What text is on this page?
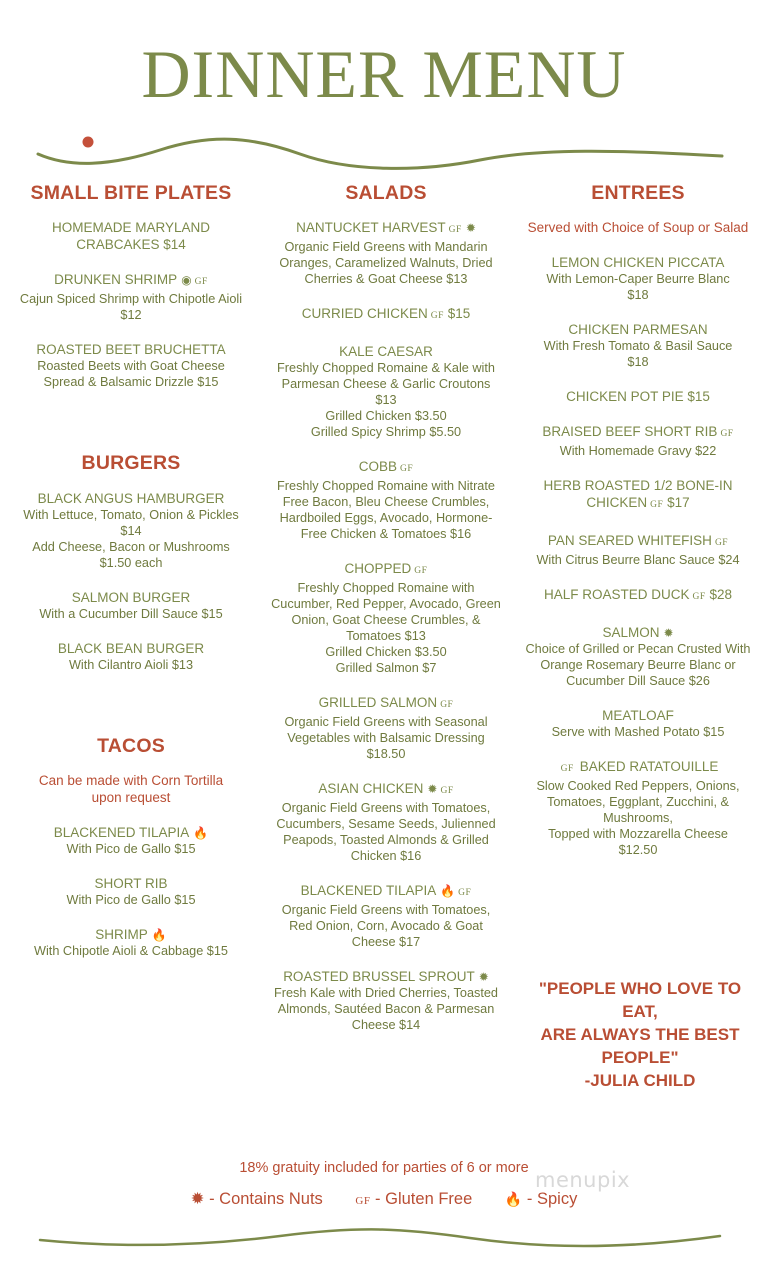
DINNER MENU
SMALL BITE PLATES
HOMEMADE MARYLAND CRABCAKES $14
DRUNKEN SHRIMP ◉ GF
Cajun Spiced Shrimp with Chipotle Aioli $12
ROASTED BEET BRUCHETTA
Roasted Beets with Goat Cheese Spread & Balsamic Drizzle $15
BURGERS
BLACK ANGUS HAMBURGER
With Lettuce, Tomato, Onion & Pickles $14
Add Cheese, Bacon or Mushrooms $1.50 each
SALMON BURGER
With a Cucumber Dill Sauce $15
BLACK BEAN BURGER
With Cilantro Aioli $13
TACOS
Can be made with Corn Tortilla upon request
BLACKENED TILAPIA 🔥
With Pico de Gallo $15
SHORT RIB
With Pico de Gallo $15
SHRIMP 🔥
With Chipotle Aioli & Cabbage $15
SALADS
NANTUCKET HARVEST GF ✹
Organic Field Greens with Mandarin Oranges, Caramelized Walnuts, Dried Cherries & Goat Cheese $13
CURRIED CHICKEN GF $15
KALE CAESAR
Freshly Chopped Romaine & Kale with Parmesan Cheese & Garlic Croutons $13
Grilled Chicken $3.50
Grilled Spicy Shrimp $5.50
COBB GF
Freshly Chopped Romaine with Nitrate Free Bacon, Bleu Cheese Crumbles, Hardboiled Eggs, Avocado, Hormone-Free Chicken & Tomatoes $16
CHOPPED GF
Freshly Chopped Romaine with Cucumber, Red Pepper, Avocado, Green Onion, Goat Cheese Crumbles, & Tomatoes $13
Grilled Chicken $3.50
Grilled Salmon $7
GRILLED SALMON GF
Organic Field Greens with Seasonal Vegetables with Balsamic Dressing
$18.50
ASIAN CHICKEN ✹ GF
Organic Field Greens with Tomatoes, Cucumbers, Sesame Seeds, Julienned Peapods, Toasted Almonds & Grilled Chicken $16
BLACKENED TILAPIA 🔥 GF
Organic Field Greens with Tomatoes, Red Onion, Corn, Avocado & Goat Cheese $17
ROASTED BRUSSEL SPROUT ✹
Fresh Kale with Dried Cherries, Toasted Almonds, Sautéed Bacon & Parmesan Cheese $14
ENTREES
Served with Choice of Soup or Salad
LEMON CHICKEN PICCATA
With Lemon-Caper Beurre Blanc $18
CHICKEN PARMESAN
With Fresh Tomato & Basil Sauce $18
CHICKEN POT PIE $15
BRAISED BEEF SHORT RIB GF
With Homemade Gravy $22
HERB ROASTED 1/2 BONE-IN CHICKEN GF $17
PAN SEARED WHITEFISH GF
With Citrus Beurre Blanc Sauce $24
HALF ROASTED DUCK GF $28
SALMON ✹
Choice of Grilled or Pecan Crusted With Orange Rosemary Beurre Blanc or Cucumber Dill Sauce $26
MEATLOAF
Serve with Mashed Potato $15
GF BAKED RATATOUILLE
Slow Cooked Red Peppers, Onions, Tomatoes, Eggplant, Zucchini, & Mushrooms,
Topped with Mozzarella Cheese
$12.50
"PEOPLE WHO LOVE TO EAT,
ARE ALWAYS THE BEST PEOPLE"
-JULIA CHILD
18% gratuity included for parties of 6 or more menupix
✹ - Contains Nuts	GF - Gluten Free 🔥 - Spicy
